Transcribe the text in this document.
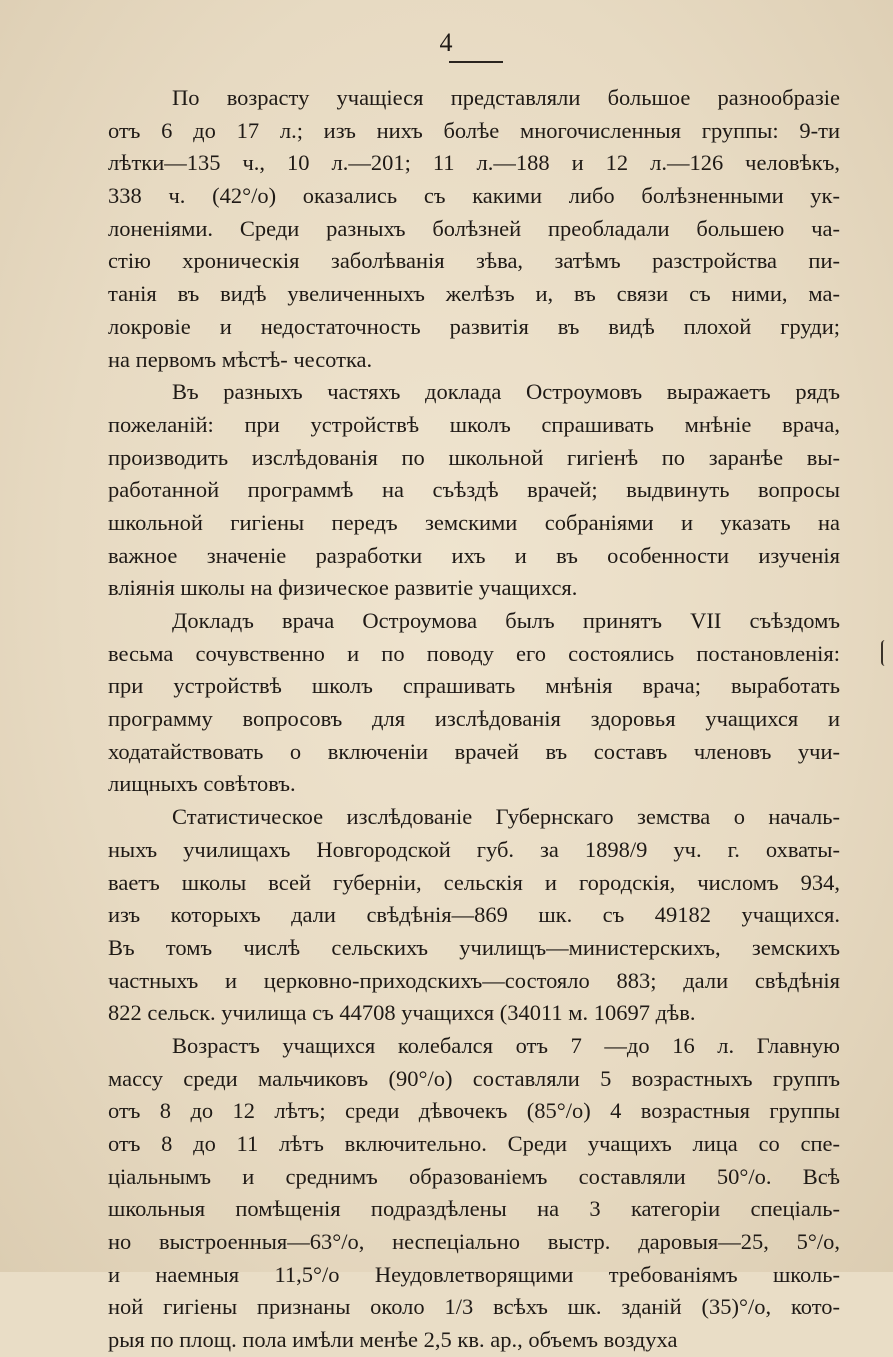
4
По возрасту учащіеся представляли большое разнообразіе
отъ 6 до 17 л.; изъ нихъ болѣе многочисленныя группы: 9-ти
лѣтки—135 ч., 10 л.—201; 11 л.—188 и 12 л.—126 человѣкъ,
338 ч. (42°/о) оказались съ какими либо болѣзненными ук-
лоненіями. Среди разныхъ болѣзней преобладали большею ча-
стію хроническія заболѣванія зѣва, затѣмъ разстройства пи-
танія въ видѣ увеличенныхъ желѣзъ и, въ связи съ ними, ма-
локровіе и недостаточность развитія въ видѣ плохой груди;
на первомъ мѣстѣ- чесотка.
Въ разныхъ частяхъ доклада Остроумовъ выражаетъ рядъ
пожеланій: при устройствѣ школъ спрашивать мнѣніе врача,
производить изслѣдованія по школьной гигіенѣ по заранѣе вы-
работанной программѣ на съѣздѣ врачей; выдвинуть вопросы
школьной гигіены передъ земскими собраніями и указать на
важное значеніе разработки ихъ и въ особенности изученія
вліянія школы на физическое развитіе учащихся.
Докладъ врача Остроумова былъ принятъ VII съѣздомъ
весьма сочувственно и по поводу его состоялись постановленія:
при устройствѣ школъ спрашивать мнѣнія врача; выработать
программу вопросовъ для изслѣдованія здоровья учащихся и
ходатайствовать о включеніи врачей въ составъ членовъ учи-
лищныхъ совѣтовъ.
Статистическое изслѣдованіе Губернскаго земства о началь-
ныхъ училищахъ Новгородской губ. за 1898/9 уч. г. охваты-
ваетъ школы всей губерніи, сельскія и городскія, числомъ 934,
изъ которыхъ дали свѣдѣнія—869 шк. съ 49182 учащихся.
Въ томъ числѣ сельскихъ училищъ—министерскихъ, земскихъ
частныхъ и церковно-приходскихъ—состояло 883; дали свѣдѣнія
822 сельск. училища съ 44708 учащихся (34011 м. 10697 дѣв.
Возрастъ учащихся колебался отъ 7 —до 16 л. Главную
массу среди мальчиковъ (90°/о) составляли 5 возрастныхъ группъ
отъ 8 до 12 лѣтъ; среди дѣвочекъ (85°/о) 4 возрастныя группы
отъ 8 до 11 лѣтъ включительно. Среди учащихъ лица со спе-
ціальнымъ и среднимъ образованіемъ составляли 50°/о. Всѣ
школьныя помѣщенія подраздѣлены на 3 категоріи спеціаль-
но выстроенныя—63°/о, неспеціально выстр. даровыя—25, 5°/о,
и наемныя 11,5°/о Неудовлетворящими требованіямъ школь-
ной гигіены признаны около 1/3 всѣхъ шк. зданій (35)°/о, кото-
рыя по площ. пола имѣли менѣе 2,5 кв. ар., объемъ воздуха
